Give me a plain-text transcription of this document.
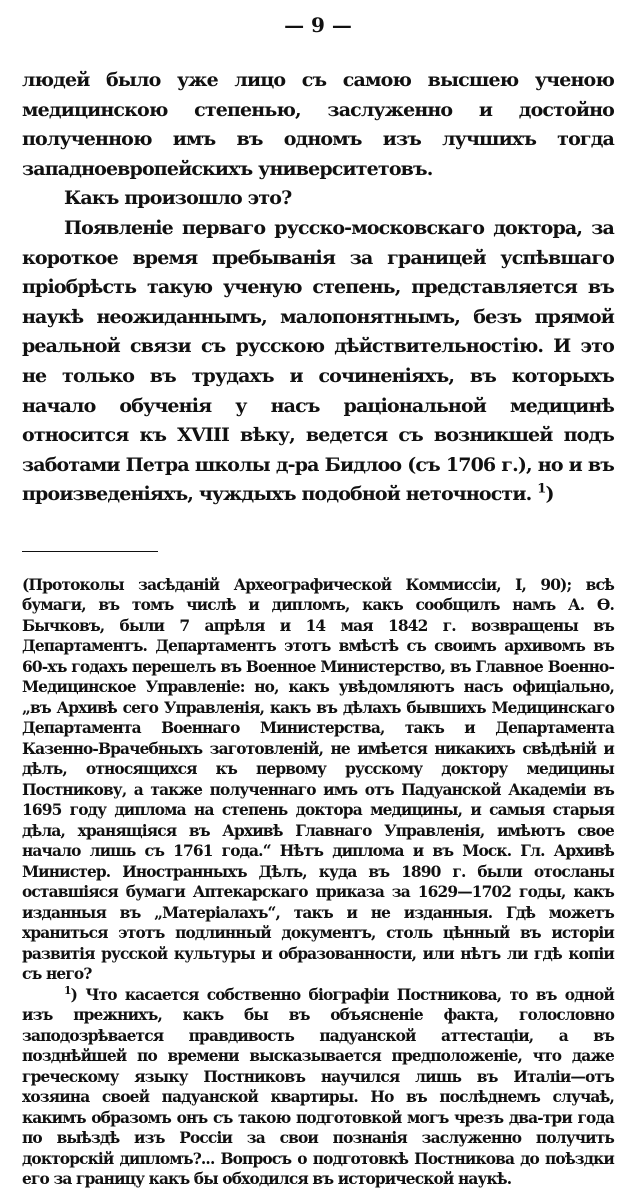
— 9 —

людей было уже лицо съ самою высшею ученою медицинскою степенью, заслуженно и достойно полученною имъ въ одномъ изъ лучшихъ тогда западноевропейскихъ университетовъ.

Какъ произошло это?

Появленіе перваго русско-московскаго доктора, за короткое время пребыванія за границей успѣвшаго пріобрѣсть такую ученую степень, представляется въ наукѣ неожиданнымъ, малопонятнымъ, безъ прямой реальной связи съ русскою дѣйствительностію. И это не только въ трудахъ и сочиненіяхъ, въ которыхъ начало обученія у насъ раціональной медицинѣ относится къ XVIII вѣку, ведется съ возникшей подъ заботами Петра школы д-ра Бидлоо (съ 1706 г.), но и въ произведеніяхъ, чуждыхъ подобной неточности. $^1$)

(Протоколы засѣданій Археографической Коммиссіи, I, 90); всѣ бумаги, въ томъ числѣ и дипломъ, какъ сообщилъ намъ А. Ө. Бычковъ, были 7 апрѣля и 14 мая 1842 г. возвращены въ Департаментъ. Департаментъ этотъ вмѣстѣ съ своимъ архивомъ въ 60-хъ годахъ перешелъ въ Военное Министерство, въ Главное Военно-Медицинское Управленіе: но, какъ увѣдомляютъ насъ офиціально, „въ Архивѣ сего Управленія, какъ въ дѣлахъ бывшихъ Медицинскаго Департамента Военнаго Министерства, такъ и Департамента Казенно-Врачебныхъ заготовленій, не имѣется никакихъ свѣдѣній и дѣлъ, относящихся къ первому русскому доктору медицины Постникову, а также полученнаго имъ отъ Падуанской Академіи въ 1695 году диплома на степень доктора медицины, и самыя старыя дѣла, хранящіяся въ Архивѣ Главнаго Управленія, имѣютъ свое начало лишь съ 1761 года.“ Нѣтъ диплома и въ Моск. Гл. Архивѣ Министер. Иностранныхъ Дѣлъ, куда въ 1890 г. были отосланы оставшіяся бумаги Аптекарскаго приказа за 1629—1702 годы, какъ изданныя въ „Матеріалахъ“, такъ и не изданныя. Гдѣ можетъ храниться этотъ подлинный документъ, столь цѣнный въ исторіи развитія русской культуры и образованности, или нѣтъ ли гдѣ копіи съ него?

$^1$) Что касается собственно біографіи Постникова, то въ одной изъ прежнихъ, какъ бы въ объясненіе факта, голословно заподозрѣвается правдивость падуанской аттестаціи, а въ позднѣйшей по времени высказывается предположеніе, что даже греческому языку Постниковъ научился лишь въ Италіи—отъ хозяина своей падуанской квартиры. Но въ послѣднемъ случаѣ, какимъ образомъ онъ съ такою подготовкой могъ чрезъ два-три года по выѣздѣ изъ Россіи за свои познанія заслуженно получить докторскій дипломъ?... Вопросъ о подготовкѣ Постникова до поѣздки его за границу какъ бы обходился въ исторической наукѣ.
